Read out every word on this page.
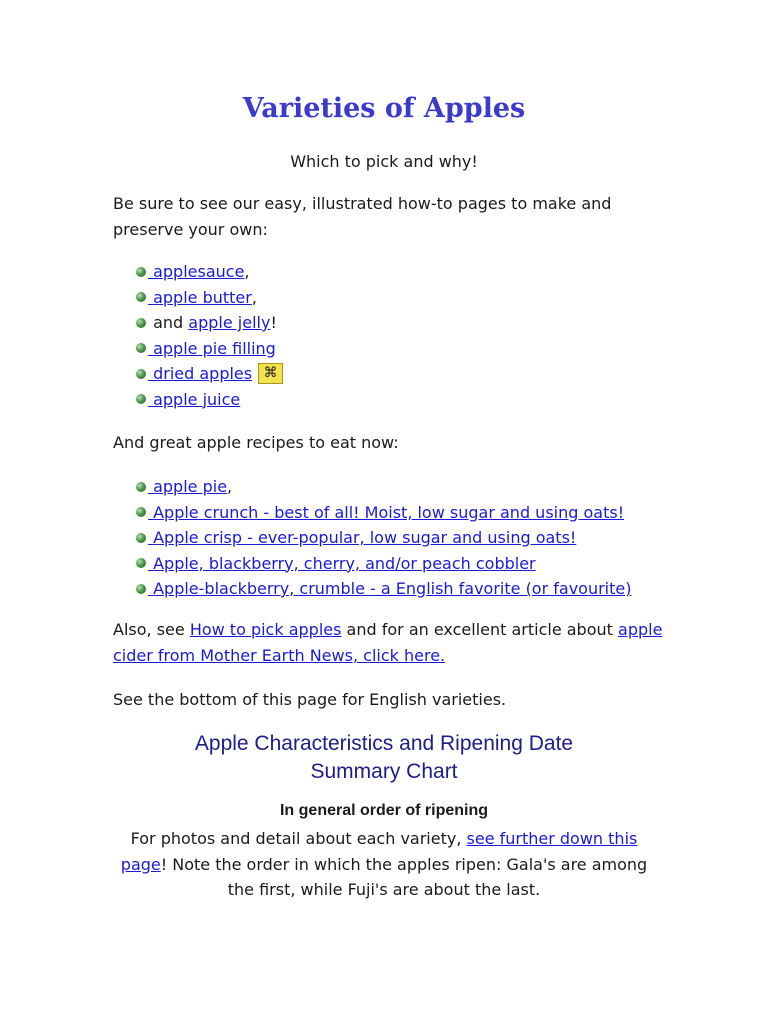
Varieties of Apples
Which to pick and why!
Be sure to see our easy, illustrated how-to pages to make and preserve your own:
applesauce ,
apple butter ,
and apple jelly !
apple pie filling
dried apples ⌘
apple juice
And great apple recipes to eat now:
apple pie ,
Apple crunch - best of all! Moist, low sugar and using oats!
Apple crisp - ever-popular, low sugar and using oats!
Apple, blackberry, cherry, and/or peach cobbler
Apple-blackberry, crumble - a English favorite (or favourite)
Also, see How to pick apples and for an excellent article about apple cider from Mother Earth News, click here.
See the bottom of this page for English varieties.
Apple Characteristics and Ripening Date
Summary Chart
In general order of ripening
For photos and detail about each variety, see further down this page! Note the order in which the apples ripen: Gala's are among the first, while Fuji's are about the last.
